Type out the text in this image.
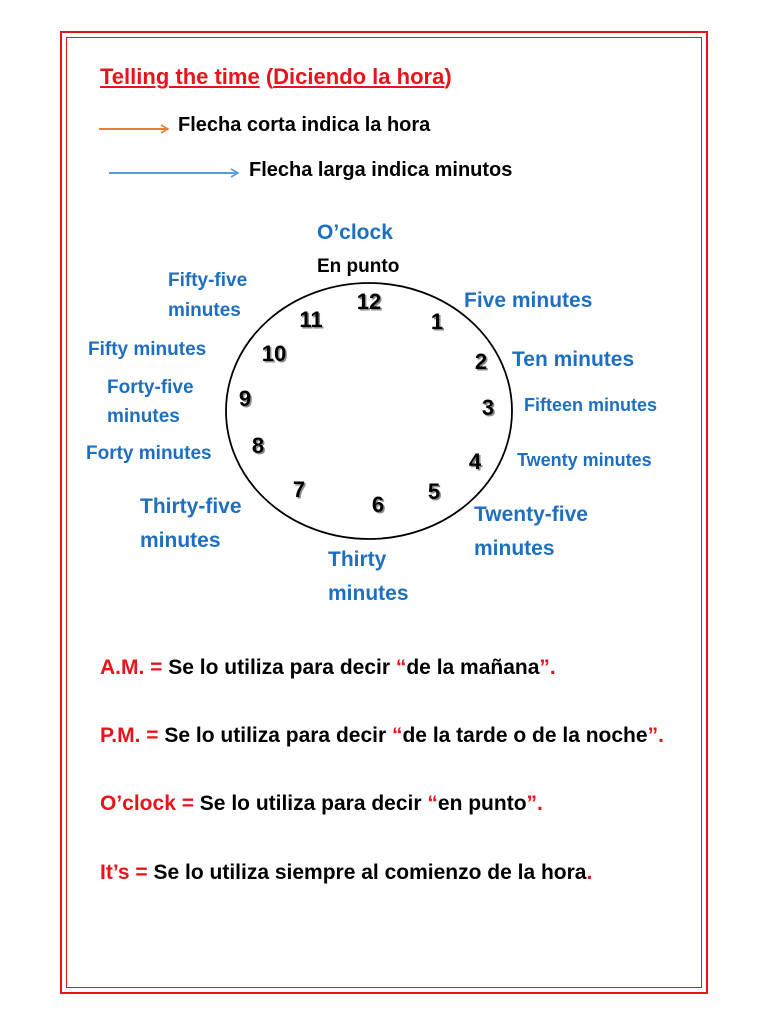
Telling the time (Diciendo la hora)
Flecha corta indica la hora
Flecha larga indica minutos
O’clock
En punto
12
1
2
3
4
5
6
7
8
9
10
11
Five minutes
Ten minutes
Fifteen minutes
Twenty minutes
Twenty-five
minutes
Thirty
minutes
Thirty-five
minutes
Forty minutes
Forty-five
minutes
Fifty minutes
Fifty-five
minutes
A.M. = Se lo utiliza para decir “de la mañana”.
P.M. = Se lo utiliza para decir “de la tarde o de la noche”.
O’clock = Se lo utiliza para decir “en punto”.
It’s = Se lo utiliza siempre al comienzo de la hora.
